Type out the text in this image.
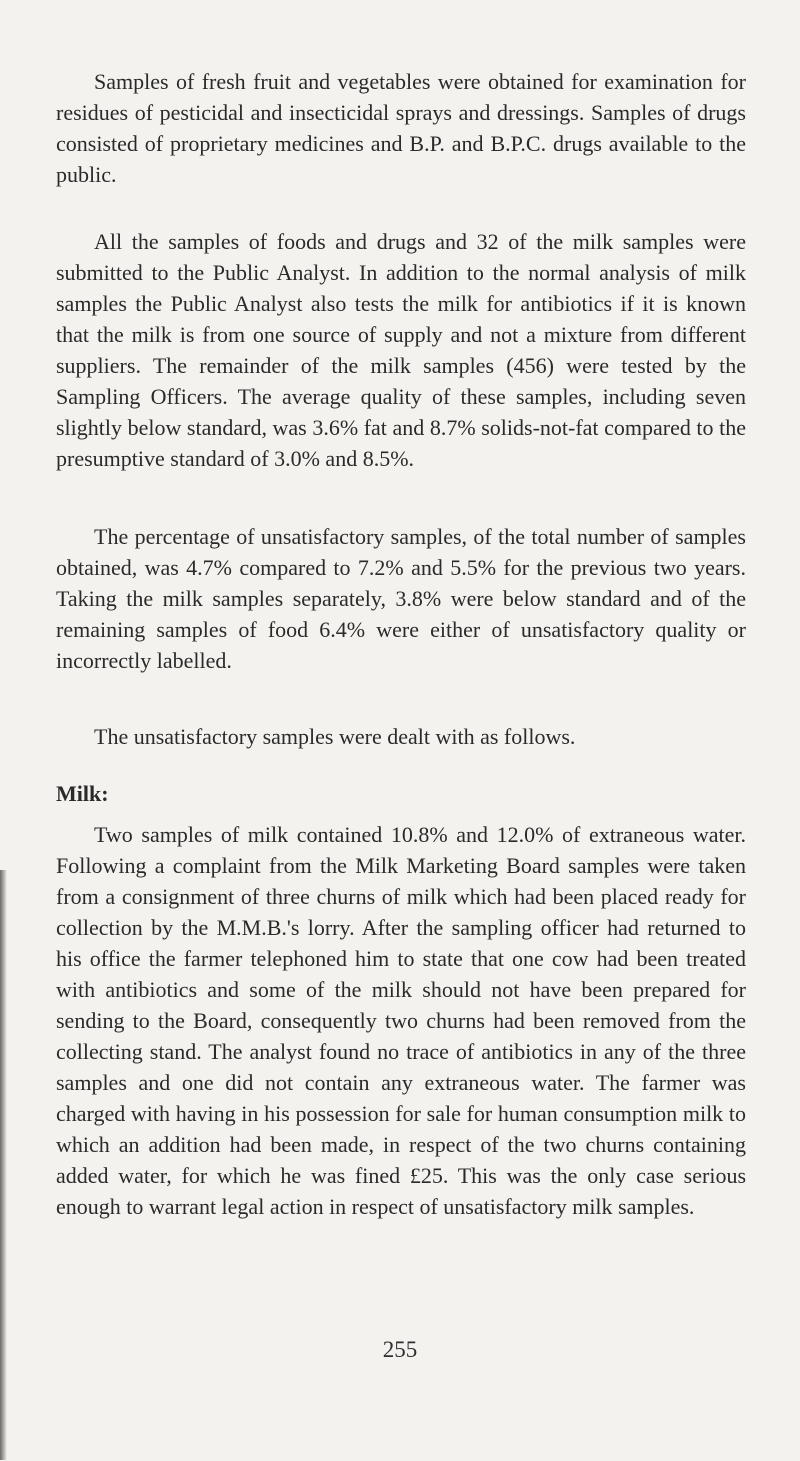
Samples of fresh fruit and vegetables were obtained for examination for residues of pesticidal and insecticidal sprays and dressings. Samples of drugs consisted of proprietary medicines and B.P. and B.P.C. drugs available to the public.

All the samples of foods and drugs and 32 of the milk samples were submitted to the Public Analyst. In addition to the normal analysis of milk samples the Public Analyst also tests the milk for antibiotics if it is known that the milk is from one source of supply and not a mixture from different suppliers. The remainder of the milk samples (456) were tested by the Sampling Officers. The average quality of these samples, including seven slightly below standard, was 3.6% fat and 8.7% solids-not-fat compared to the presumptive standard of 3.0% and 8.5%.

The percentage of unsatisfactory samples, of the total number of samples obtained, was 4.7% compared to 7.2% and 5.5% for the previous two years. Taking the milk samples separately, 3.8% were below standard and of the remaining samples of food 6.4% were either of unsatisfactory quality or incorrectly labelled.

The unsatisfactory samples were dealt with as follows.

Milk:

Two samples of milk contained 10.8% and 12.0% of extraneous water. Following a complaint from the Milk Marketing Board samples were taken from a consignment of three churns of milk which had been placed ready for collection by the M.M.B.'s lorry. After the sampling officer had returned to his office the farmer telephoned him to state that one cow had been treated with antibiotics and some of the milk should not have been prepared for sending to the Board, consequently two churns had been removed from the collecting stand. The analyst found no trace of antibiotics in any of the three samples and one did not contain any extraneous water. The farmer was charged with having in his possession for sale for human consumption milk to which an addition had been made, in respect of the two churns containing added water, for which he was fined £25. This was the only case serious enough to warrant legal action in respect of unsatisfactory milk samples.

255
